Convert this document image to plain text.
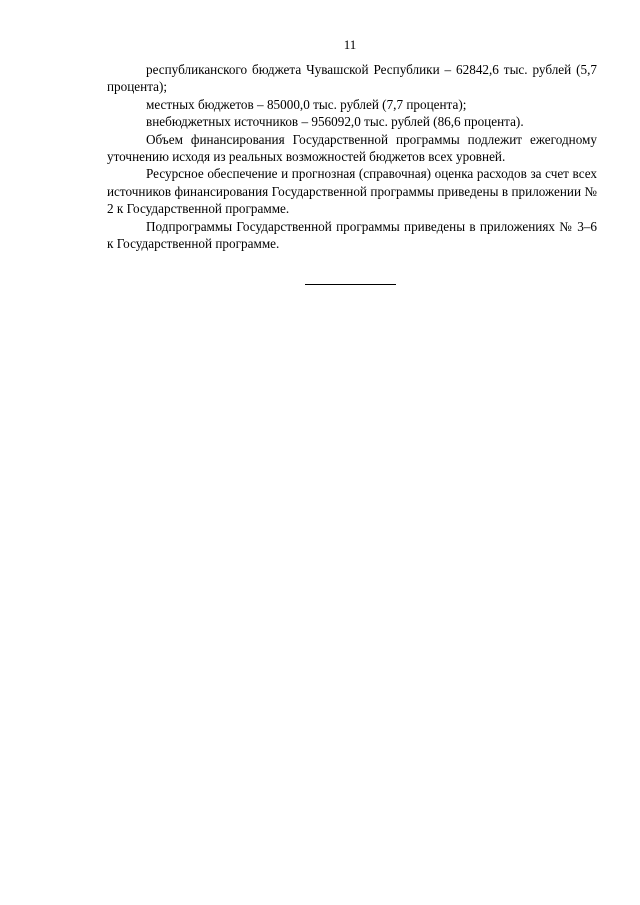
11

республиканского бюджета Чувашской Республики – 62842,6 тыс. рублей (5,7 процента);

местных бюджетов – 85000,0 тыс. рублей (7,7 процента);

внебюджетных источников – 956092,0 тыс. рублей (86,6 процента).

Объем финансирования Государственной программы подлежит ежегодному уточнению исходя из реальных возможностей бюджетов всех уровней.

Ресурсное обеспечение и прогнозная (справочная) оценка расходов за счет всех источников финансирования Государственной программы приведены в приложении № 2 к Государственной программе.

Подпрограммы Государственной программы приведены в приложениях № 3–6 к Государственной программе.
